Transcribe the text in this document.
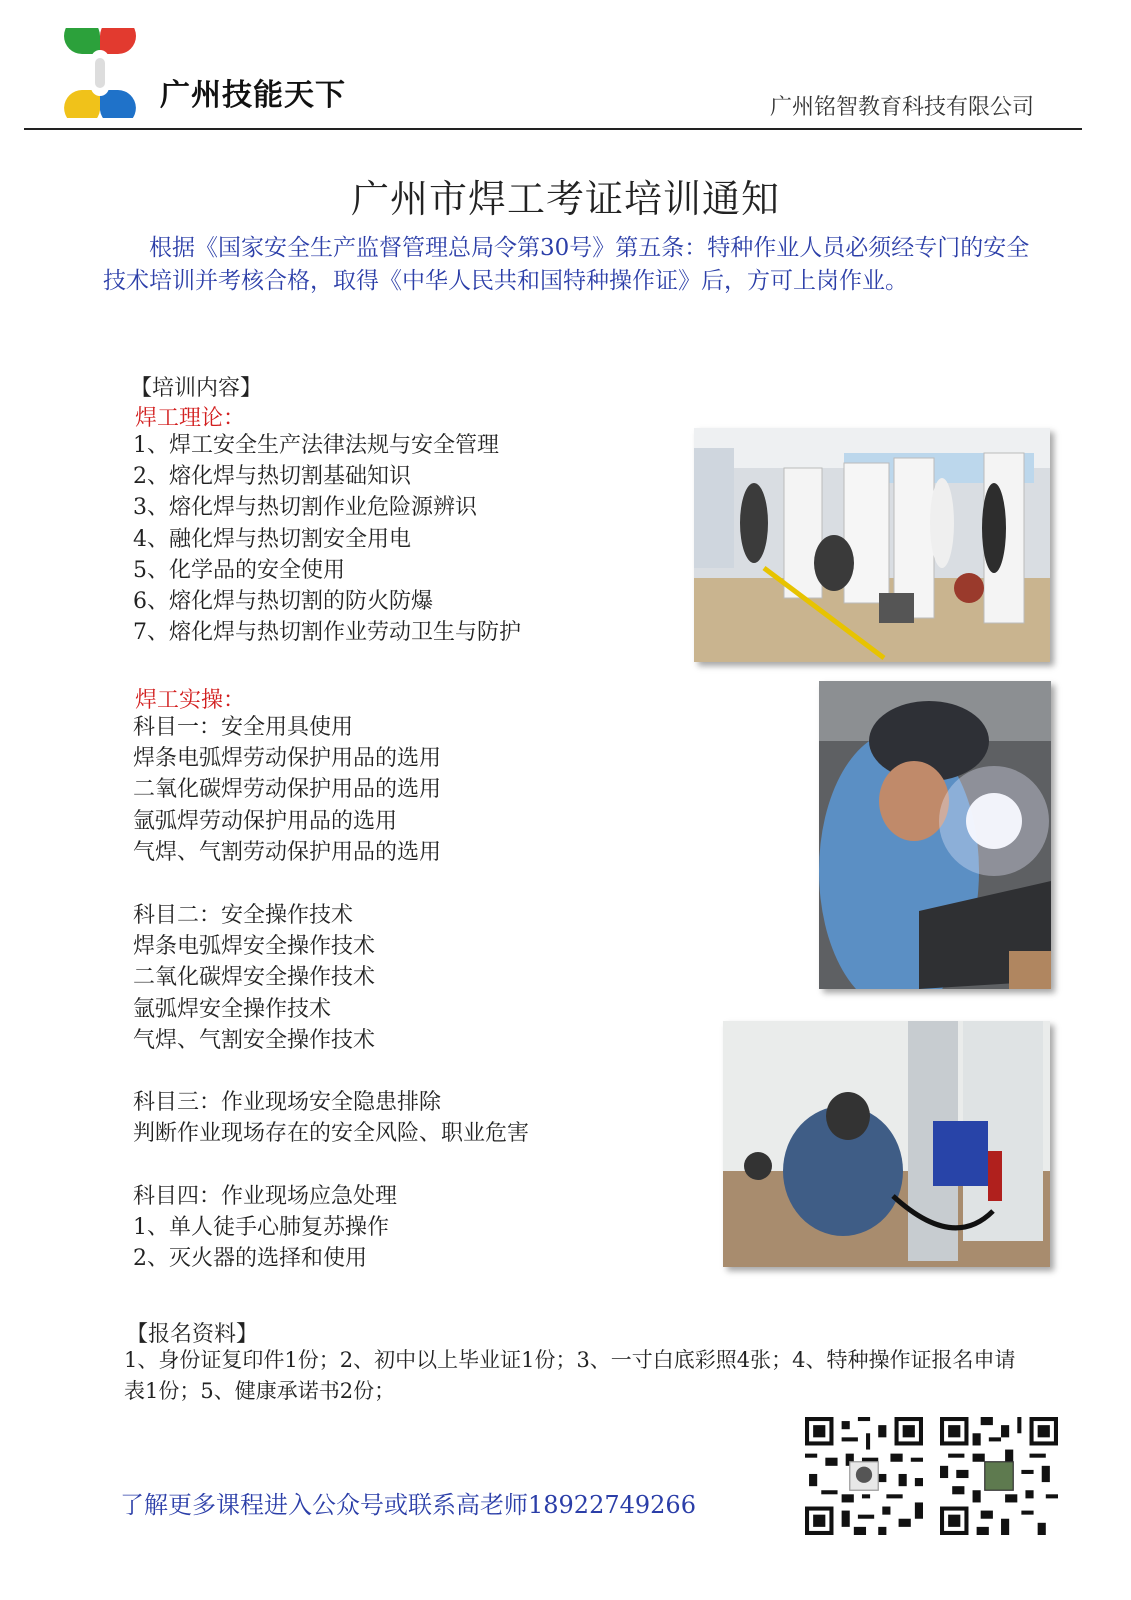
广州技能天下	广州铭智教育科技有限公司
广州市焊工考证培训通知
根据《国家安全生产监督管理总局令第30号》第五条：特种作业人员必须经专门的安全技术培训并考核合格，取得《中华人民共和国特种操作证》后，方可上岗作业。
【培训内容】
焊工理论：
1、焊工安全生产法律法规与安全管理
2、熔化焊与热切割基础知识
3、熔化焊与热切割作业危险源辨识
4、融化焊与热切割安全用电
5、化学品的安全使用
6、熔化焊与热切割的防火防爆
7、熔化焊与热切割作业劳动卫生与防护
焊工实操：
科目一：安全用具使用
焊条电弧焊劳动保护用品的选用
二氧化碳焊劳动保护用品的选用
氩弧焊劳动保护用品的选用
气焊、气割劳动保护用品的选用
科目二：安全操作技术
焊条电弧焊安全操作技术
二氧化碳焊安全操作技术
氩弧焊安全操作技术
气焊、气割安全操作技术
科目三：作业现场安全隐患排除
判断作业现场存在的安全风险、职业危害
科目四：作业现场应急处理
1、单人徒手心肺复苏操作
2、灭火器的选择和使用
【报名资料】
1、身份证复印件1份；2、初中以上毕业证1份；3、一寸白底彩照4张；4、特种操作证报名申请表1份；5、健康承诺书2份；
了解更多课程进入公众号或联系高老师18922749266
